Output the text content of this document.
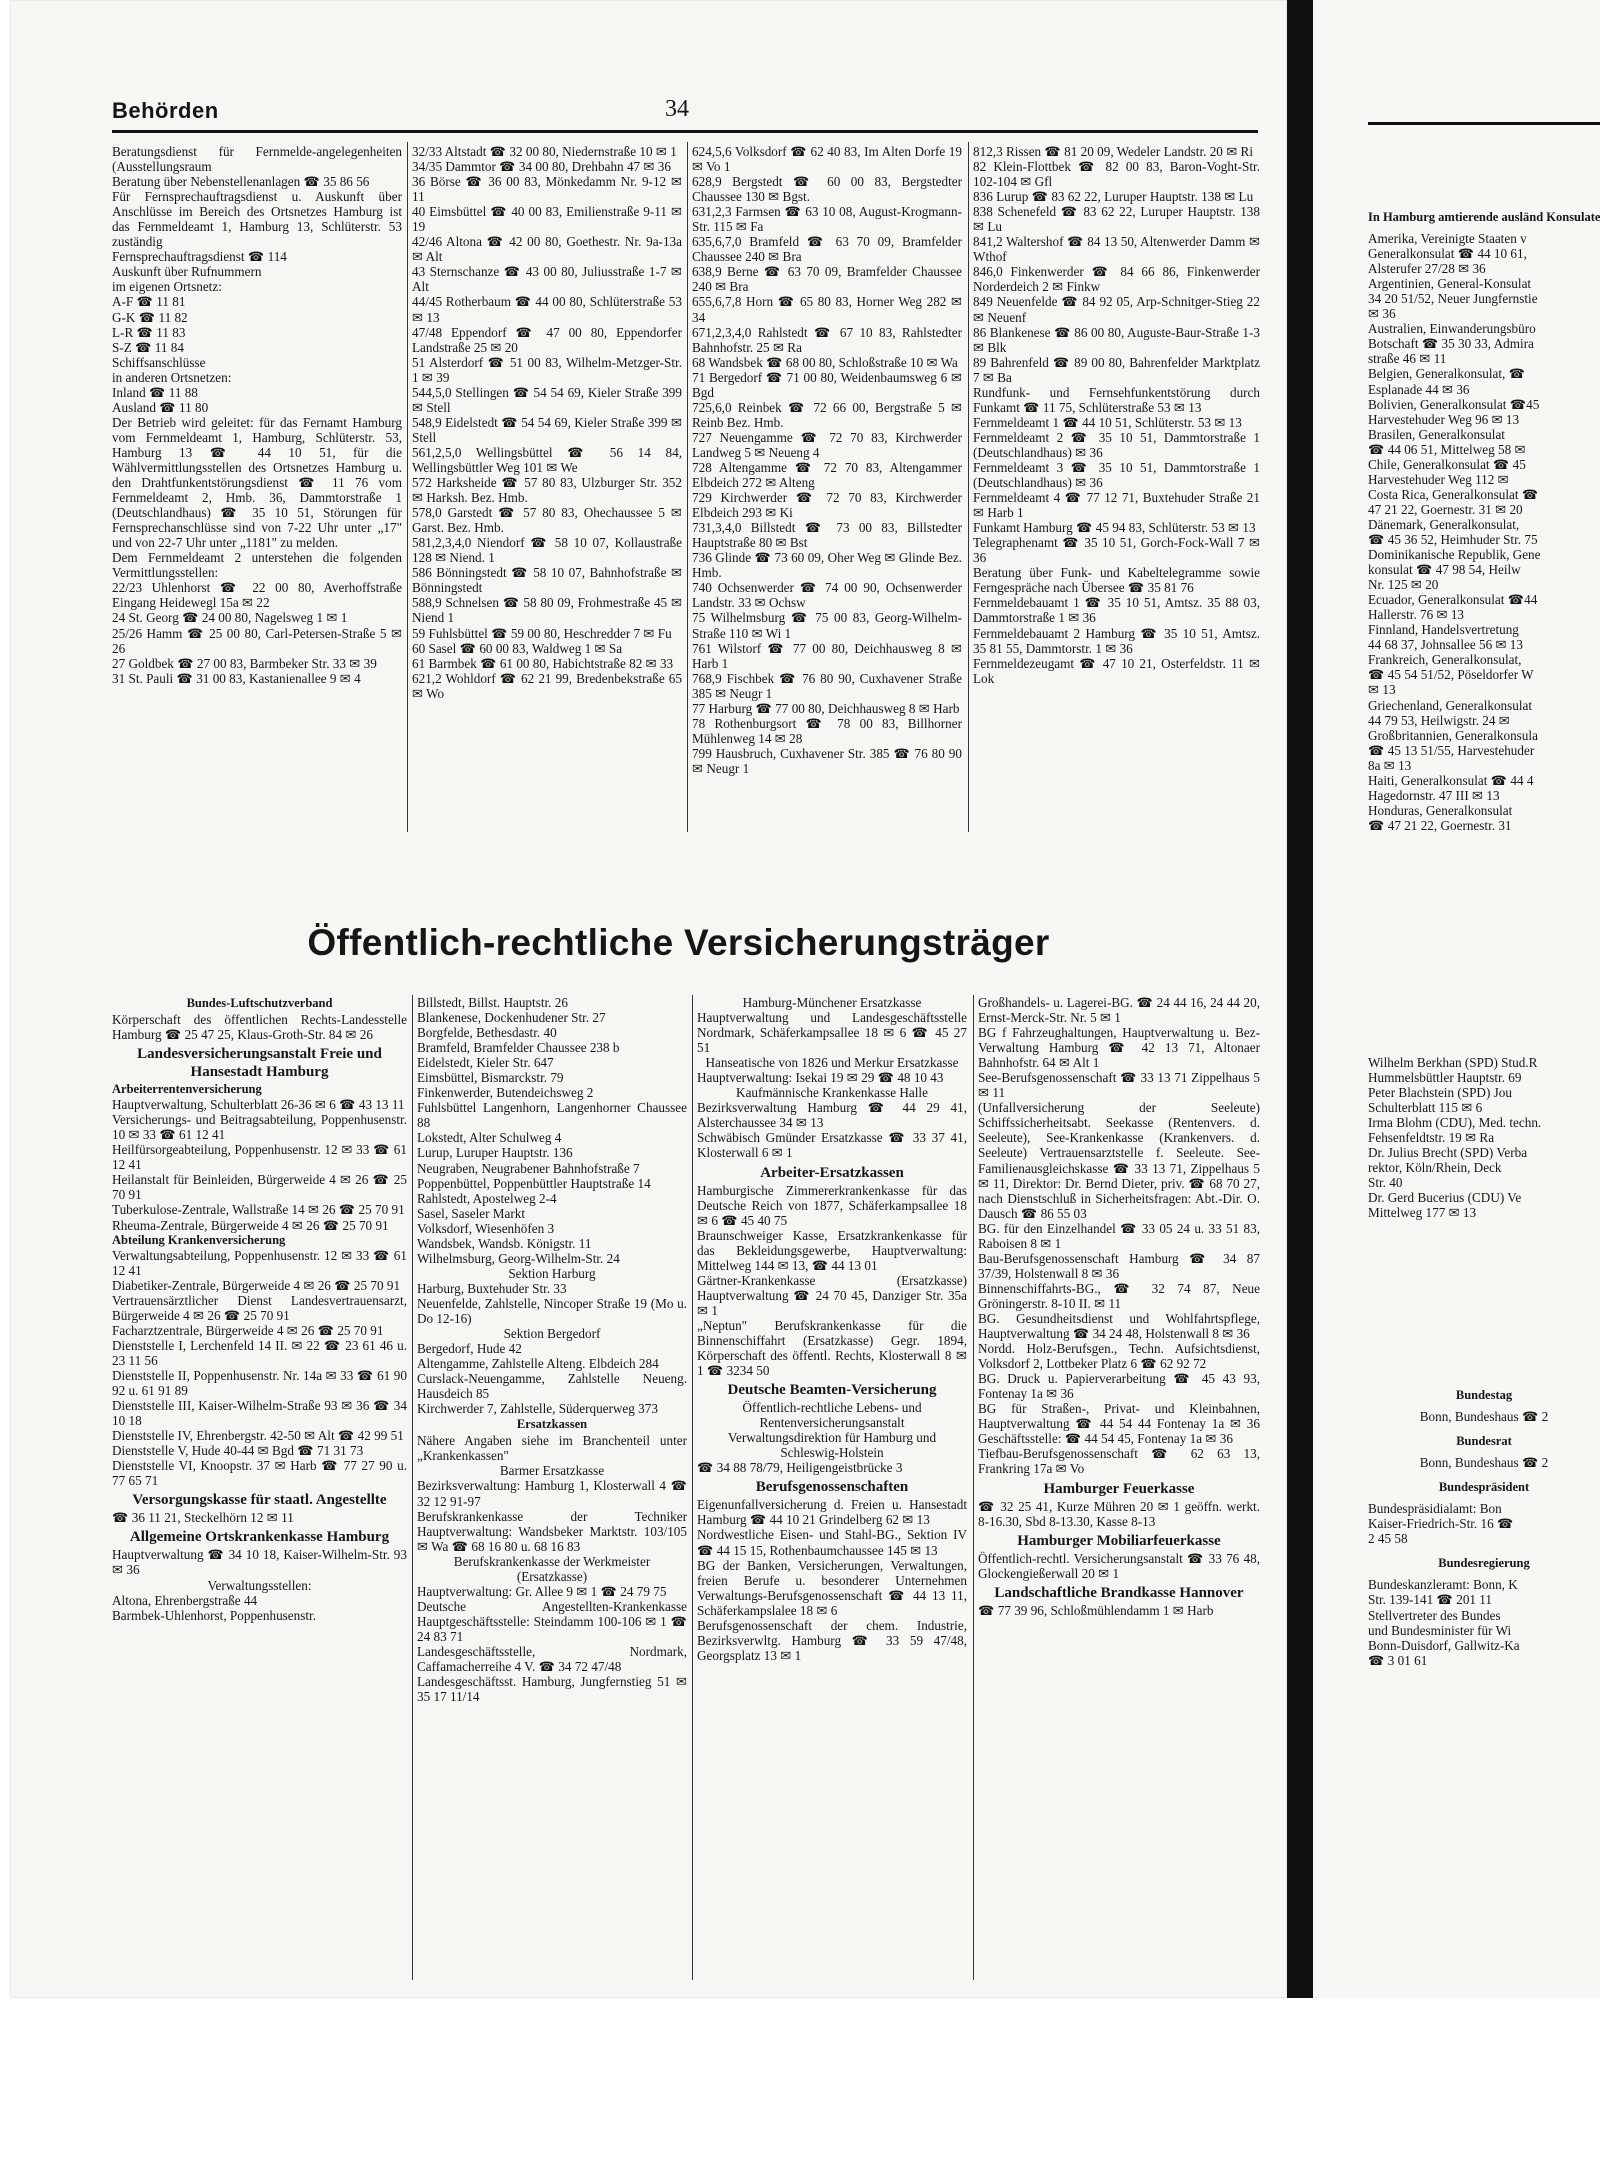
Behörden	34

Beratungsdienst für Fernmelde-angelegenheiten (Ausstellungsraum

Beratung über Nebenstellenanlagen ☎ 35 86 56

Für Fernsprechauftragsdienst u. Auskunft über Anschlüsse im Bereich des Ortsnetzes Hamburg ist das Fernmeldeamt 1, Hamburg 13, Schlüterstr. 53 zuständig

Fernsprechauftragsdienst ☎ 114

Auskunft über Rufnummern

im eigenen Ortsnetz:

A-F ☎ 11 81

G-K ☎ 11 82

L-R ☎ 11 83

S-Z ☎ 11 84

Schiffsanschlüsse

in anderen Ortsnetzen:

Inland ☎ 11 88

Ausland ☎ 11 80

Der Betrieb wird geleitet: für das Fernamt Hamburg vom Fernmeldeamt 1, Hamburg, Schlüterstr. 53, Hamburg 13 ☎ 44 10 51, für die Wählvermittlungsstellen des Ortsnetzes Hamburg u. den Drahtfunkentstörungsdienst ☎ 11 76 vom Fernmeldeamt 2, Hmb. 36, Dammtorstraße 1 (Deutschlandhaus) ☎ 35 10 51, Störungen für Fernsprechanschlüsse sind von 7-22 Uhr unter „17" und von 22-7 Uhr unter „1181" zu melden.

Dem Fernmeldeamt 2 unterstehen die folgenden Vermittlungsstellen:

22/23 Uhlenhorst ☎ 22 00 80, Averhoffstraße Eingang Heidewegl 15a ✉ 22

24 St. Georg ☎ 24 00 80, Nagelsweg 1 ✉ 1

25/26 Hamm ☎ 25 00 80, Carl-Petersen-Straße 5 ✉ 26

27 Goldbek ☎ 27 00 83, Barmbeker Str. 33 ✉ 39

31 St. Pauli ☎ 31 00 83, Kastanienallee 9 ✉ 4

32/33 Altstadt ☎ 32 00 80, Niedernstraße 10 ✉ 1

34/35 Dammtor ☎ 34 00 80, Drehbahn 47 ✉ 36

36 Börse ☎ 36 00 83, Mönkedamm Nr. 9-12 ✉ 11

40 Eimsbüttel ☎ 40 00 83, Emilienstraße 9-11 ✉ 19

42/46 Altona ☎ 42 00 80, Goethestr. Nr. 9a-13a ✉ Alt

43 Sternschanze ☎ 43 00 80, Juliusstraße 1-7 ✉ Alt

44/45 Rotherbaum ☎ 44 00 80, Schlüterstraße 53 ✉ 13

47/48 Eppendorf ☎ 47 00 80, Eppendorfer Landstraße 25 ✉ 20

51 Alsterdorf ☎ 51 00 83, Wilhelm-Metzger-Str. 1 ✉ 39

544,5,0 Stellingen ☎ 54 54 69, Kieler Straße 399 ✉ Stell

548,9 Eidelstedt ☎ 54 54 69, Kieler Straße 399 ✉ Stell

561,2,5,0 Wellingsbüttel ☎ 56 14 84, Wellingsbüttler Weg 101 ✉ We

572 Harksheide ☎ 57 80 83, Ulzburger Str. 352 ✉ Harksh. Bez. Hmb.

578,0 Garstedt ☎ 57 80 83, Ohechaussee 5 ✉ Garst. Bez. Hmb.

581,2,3,4,0 Niendorf ☎ 58 10 07, Kollaustraße 128 ✉ Niend. 1

586 Bönningstedt ☎ 58 10 07, Bahnhofstraße ✉ Bönningstedt

588,9 Schnelsen ☎ 58 80 09, Frohmestraße 45 ✉ Niend 1

59 Fuhlsbüttel ☎ 59 00 80, Heschredder 7 ✉ Fu

60 Sasel ☎ 60 00 83, Waldweg 1 ✉ Sa

61 Barmbek ☎ 61 00 80, Habichtstraße 82 ✉ 33

621,2 Wohldorf ☎ 62 21 99, Bredenbekstraße 65 ✉ Wo

624,5,6 Volksdorf ☎ 62 40 83, Im Alten Dorfe 19 ✉ Vo 1

628,9 Bergstedt ☎ 60 00 83, Bergstedter Chaussee 130 ✉ Bgst.

631,2,3 Farmsen ☎ 63 10 08, August-Krogmann-Str. 115 ✉ Fa

635,6,7,0 Bramfeld ☎ 63 70 09, Bramfelder Chaussee 240 ✉ Bra

638,9 Berne ☎ 63 70 09, Bramfelder Chaussee 240 ✉ Bra

655,6,7,8 Horn ☎ 65 80 83, Horner Weg 282 ✉ 34

671,2,3,4,0 Rahlstedt ☎ 67 10 83, Rahlstedter Bahnhofstr. 25 ✉ Ra

68 Wandsbek ☎ 68 00 80, Schloßstraße 10 ✉ Wa

71 Bergedorf ☎ 71 00 80, Weidenbaumsweg 6 ✉ Bgd

725,6,0 Reinbek ☎ 72 66 00, Bergstraße 5 ✉ Reinb Bez. Hmb.

727 Neuengamme ☎ 72 70 83, Kirchwerder Landweg 5 ✉ Neueng 4

728 Altengamme ☎ 72 70 83, Altengammer Elbdeich 272 ✉ Alteng

729 Kirchwerder ☎ 72 70 83, Kirchwerder Elbdeich 293 ✉ Ki

731,3,4,0 Billstedt ☎ 73 00 83, Billstedter Hauptstraße 80 ✉ Bst

736 Glinde ☎ 73 60 09, Oher Weg ✉ Glinde Bez. Hmb.

740 Ochsenwerder ☎ 74 00 90, Ochsenwerder Landstr. 33 ✉ Ochsw

75 Wilhelmsburg ☎ 75 00 83, Georg-Wilhelm-Straße 110 ✉ Wi 1

761 Wilstorf ☎ 77 00 80, Deichhausweg 8 ✉ Harb 1

768,9 Fischbek ☎ 76 80 90, Cuxhavener Straße 385 ✉ Neugr 1

77 Harburg ☎ 77 00 80, Deichhausweg 8 ✉ Harb

78 Rothenburgsort ☎ 78 00 83, Billhorner Mühlenweg 14 ✉ 28

799 Hausbruch, Cuxhavener Str. 385 ☎ 76 80 90 ✉ Neugr 1

812,3 Rissen ☎ 81 20 09, Wedeler Landstr. 20 ✉ Ri

82 Klein-Flottbek ☎ 82 00 83, Baron-Voght-Str. 102-104 ✉ Gfl

836 Lurup ☎ 83 62 22, Luruper Hauptstr. 138 ✉ Lu

838 Schenefeld ☎ 83 62 22, Luruper Hauptstr. 138 ✉ Lu

841,2 Waltershof ☎ 84 13 50, Altenwerder Damm ✉ Wthof

846,0 Finkenwerder ☎ 84 66 86, Finkenwerder Norderdeich 2 ✉ Finkw

849 Neuenfelde ☎ 84 92 05, Arp-Schnitger-Stieg 22 ✉ Neuenf

86 Blankenese ☎ 86 00 80, Auguste-Baur-Straße 1-3 ✉ Blk

89 Bahrenfeld ☎ 89 00 80, Bahrenfelder Marktplatz 7 ✉ Ba

Rundfunk- und Fernsehfunkentstörung durch Funkamt ☎ 11 75, Schlüterstraße 53 ✉ 13

Fernmeldeamt 1 ☎ 44 10 51, Schlüterstr. 53 ✉ 13

Fernmeldeamt 2 ☎ 35 10 51, Dammtorstraße 1 (Deutschlandhaus) ✉ 36

Fernmeldeamt 3 ☎ 35 10 51, Dammtorstraße 1 (Deutschlandhaus) ✉ 36

Fernmeldeamt 4 ☎ 77 12 71, Buxtehuder Straße 21 ✉ Harb 1

Funkamt Hamburg ☎ 45 94 83, Schlüterstr. 53 ✉ 13

Telegraphenamt ☎ 35 10 51, Gorch-Fock-Wall 7 ✉ 36

Beratung über Funk- und Kabeltelegramme sowie Ferngespräche nach Übersee ☎ 35 81 76

Fernmeldebauamt 1 ☎ 35 10 51, Amtsz. 35 88 03, Dammtorstraße 1 ✉ 36

Fernmeldebauamt 2 Hamburg ☎ 35 10 51, Amtsz. 35 81 55, Dammtorstr. 1 ✉ 36

Fernmeldezeugamt ☎ 47 10 21, Osterfeldstr. 11 ✉ Lok

Öffentlich-rechtliche Versicherungsträger

Bundes-Luftschutzverband

Körperschaft des öffentlichen Rechts-Landesstelle Hamburg ☎ 25 47 25, Klaus-Groth-Str. 84 ✉ 26

Landesversicherungsanstalt Freie und Hansestadt Hamburg

Arbeiterrentenversicherung

Hauptverwaltung, Schulterblatt 26-36 ✉ 6 ☎ 43 13 11

Versicherungs- und Beitragsabteilung, Poppenhusenstr. 10 ✉ 33 ☎ 61 12 41

Heilfürsorgeabteilung, Poppenhusenstr. 12 ✉ 33 ☎ 61 12 41

Heilanstalt für Beinleiden, Bürgerweide 4 ✉ 26 ☎ 25 70 91

Tuberkulose-Zentrale, Wallstraße 14 ✉ 26 ☎ 25 70 91

Rheuma-Zentrale, Bürgerweide 4 ✉ 26 ☎ 25 70 91

Abteilung Krankenversicherung

Verwaltungsabteilung, Poppenhusenstr. 12 ✉ 33 ☎ 61 12 41

Diabetiker-Zentrale, Bürgerweide 4 ✉ 26 ☎ 25 70 91

Vertrauensärztlicher Dienst Landesvertrauensarzt, Bürgerweide 4 ✉ 26 ☎ 25 70 91

Facharztzentrale, Bürgerweide 4 ✉ 26 ☎ 25 70 91

Dienststelle I, Lerchenfeld 14 II. ✉ 22 ☎ 23 61 46 u. 23 11 56

Dienststelle II, Poppenhusenstr. Nr. 14a ✉ 33 ☎ 61 90 92 u. 61 91 89

Dienststelle III, Kaiser-Wilhelm-Straße 93 ✉ 36 ☎ 34 10 18

Dienststelle IV, Ehrenbergstr. 42-50 ✉ Alt ☎ 42 99 51

Dienststelle V, Hude 40-44 ✉ Bgd ☎ 71 31 73

Dienststelle VI, Knoopstr. 37 ✉ Harb ☎ 77 27 90 u. 77 65 71

Versorgungskasse für staatl. Angestellte

☎ 36 11 21, Steckelhörn 12 ✉ 11

Allgemeine Ortskrankenkasse Hamburg

Hauptverwaltung ☎ 34 10 18, Kaiser-Wilhelm-Str. 93 ✉ 36

Verwaltungsstellen:

Altona, Ehrenbergstraße 44

Barmbek-Uhlenhorst, Poppenhusenstr.

Billstedt, Billst. Hauptstr. 26

Blankenese, Dockenhudener Str. 27

Borgfelde, Bethesdastr. 40

Bramfeld, Bramfelder Chaussee 238 b

Eidelstedt, Kieler Str. 647

Eimsbüttel, Bismarckstr. 79

Finkenwerder, Butendeichsweg 2

Fuhlsbüttel Langenhorn, Langenhorner Chaussee 88

Lokstedt, Alter Schulweg 4

Lurup, Luruper Hauptstr. 136

Neugraben, Neugrabener Bahnhofstraße 7

Poppenbüttel, Poppenbüttler Hauptstraße 14

Rahlstedt, Apostelweg 2-4

Sasel, Saseler Markt

Volksdorf, Wiesenhöfen 3

Wandsbek, Wandsb. Königstr. 11

Wilhelmsburg, Georg-Wilhelm-Str. 24

Sektion Harburg

Harburg, Buxtehuder Str. 33

Neuenfelde, Zahlstelle, Nincoper Straße 19 (Mo u. Do 12-16)

Sektion Bergedorf

Bergedorf, Hude 42

Altengamme, Zahlstelle Alteng. Elbdeich 284

Curslack-Neuengamme, Zahlstelle Neueng. Hausdeich 85

Kirchwerder 7, Zahlstelle, Süderquerweg 373

Ersatzkassen

Nähere Angaben siehe im Branchenteil unter „Krankenkassen"

Barmer Ersatzkasse

Bezirksverwaltung: Hamburg 1, Klosterwall 4 ☎ 32 12 91-97

Berufskrankenkasse der Techniker Hauptverwaltung: Wandsbeker Marktstr. 103/105 ✉ Wa ☎ 68 16 80 u. 68 16 83

Berufskrankenkasse der Werkmeister (Ersatzkasse)

Hauptverwaltung: Gr. Allee 9 ✉ 1 ☎ 24 79 75

Deutsche Angestellten-Krankenkasse Hauptgeschäftsstelle: Steindamm 100-106 ✉ 1 ☎ 24 83 71

Landesgeschäftsstelle, Nordmark, Caffamacherreihe 4 V. ☎ 34 72 47/48

Landesgeschäftsst. Hamburg, Jungfernstieg 51 ✉ 35 17 11/14

Hamburg-Münchener Ersatzkasse

Hauptverwaltung und Landesgeschäftsstelle Nordmark, Schäferkampsallee 18 ✉ 6 ☎ 45 27 51

Hanseatische von 1826 und Merkur Ersatzkasse

Hauptverwaltung: Isekai 19 ✉ 29 ☎ 48 10 43

Kaufmännische Krankenkasse Halle

Bezirksverwaltung Hamburg ☎ 44 29 41, Alsterchaussee 34 ✉ 13

Schwäbisch Gmünder Ersatzkasse ☎ 33 37 41, Klosterwall 6 ✉ 1

Arbeiter-Ersatzkassen

Hamburgische Zimmererkrankenkasse für das Deutsche Reich von 1877, Schäferkampsallee 18 ✉ 6 ☎ 45 40 75

Braunschweiger Kasse, Ersatzkrankenkasse für das Bekleidungsgewerbe, Hauptverwaltung: Mittelweg 144 ✉ 13, ☎ 44 13 01

Gärtner-Krankenkasse (Ersatzkasse) Hauptverwaltung ☎ 24 70 45, Danziger Str. 35a ✉ 1

„Neptun" Berufskrankenkasse für die Binnenschiffahrt (Ersatzkasse) Gegr. 1894, Körperschaft des öffentl. Rechts, Klosterwall 8 ✉ 1 ☎ 3234 50

Deutsche Beamten-Versicherung

Öffentlich-rechtliche Lebens- und Rentenversicherungsanstalt

Verwaltungsdirektion für Hamburg und Schleswig-Holstein

☎ 34 88 78/79, Heiligengeistbrücke 3

Berufsgenossenschaften

Eigenunfallversicherung d. Freien u. Hansestadt Hamburg ☎ 44 10 21 Grindelberg 62 ✉ 13

Nordwestliche Eisen- und Stahl-BG., Sektion IV ☎ 44 15 15, Rothenbaumchaussee 145 ✉ 13

BG der Banken, Versicherungen, Verwaltungen, freien Berufe u. besonderer Unternehmen Verwaltungs-Berufsgenossenschaft ☎ 44 13 11, Schäferkampslalee 18 ✉ 6

Berufsgenossenschaft der chem. Industrie, Bezirksverwltg. Hamburg ☎ 33 59 47/48, Georgsplatz 13 ✉ 1

Großhandels- u. Lagerei-BG. ☎ 24 44 16, 24 44 20, Ernst-Merck-Str. Nr. 5 ✉ 1

BG f Fahrzeughaltungen, Hauptverwaltung u. Bez-Verwaltung Hamburg ☎ 42 13 71, Altonaer Bahnhofstr. 64 ✉ Alt 1

See-Berufsgenossenschaft ☎ 33 13 71 Zippelhaus 5 ✉ 11

(Unfallversicherung der Seeleute) Schiffssicherheitsabt. Seekasse (Rentenvers. d. Seeleute), See-Krankenkasse (Krankenvers. d. Seeleute) Vertrauensarztstelle f. Seeleute. See-Familienausgleichskasse ☎ 33 13 71, Zippelhaus 5 ✉ 11, Direktor: Dr. Bernd Dieter, priv. ☎ 68 70 27, nach Dienstschluß in Sicherheitsfragen: Abt.-Dir. O. Dausch ☎ 86 55 03

BG. für den Einzelhandel ☎ 33 05 24 u. 33 51 83, Raboisen 8 ✉ 1

Bau-Berufsgenossenschaft Hamburg ☎ 34 87 37/39, Holstenwall 8 ✉ 36

Binnenschiffahrts-BG., ☎ 32 74 87, Neue Gröningerstr. 8-10 II. ✉ 11

BG. Gesundheitsdienst und Wohlfahrtspflege, Hauptverwaltung ☎ 34 24 48, Holstenwall 8 ✉ 36

Nordd. Holz-Berufsgen., Techn. Aufsichtsdienst, Volksdorf 2, Lottbeker Platz 6 ☎ 62 92 72

BG. Druck u. Papierverarbeitung ☎ 45 43 93, Fontenay 1a ✉ 36

BG für Straßen-, Privat- und Kleinbahnen, Hauptverwaltung ☎ 44 54 44 Fontenay 1a ✉ 36 Geschäftsstelle: ☎ 44 54 45, Fontenay 1a ✉ 36

Tiefbau-Berufsgenossenschaft ☎ 62 63 13, Frankring 17a ✉ Vo

Hamburger Feuerkasse

☎ 32 25 41, Kurze Mühren 20 ✉ 1 geöffn. werkt. 8-16.30, Sbd 8-13.30, Kasse 8-13

Hamburger Mobiliarfeuerkasse

Öffentlich-rechtl. Versicherungsanstalt ☎ 33 76 48, Glockengießerwall 20 ✉ 1

Landschaftliche Brandkasse Hannover

☎ 77 39 96, Schloßmühlendamm 1 ✉ Harb

In Hamburg amtierende ausländ Konsulate

Amerika, Vereinigte Staaten v

Generalkonsulat ☎ 44 10 61,

Alsterufer 27/28 ✉ 36

Argentinien, General-Konsulat

34 20 51/52, Neuer Jungfernstie

✉ 36

Australien, Einwanderungsbüro

Botschaft ☎ 35 30 33, Admira

straße 46 ✉ 11

Belgien, Generalkonsulat, ☎

Esplanade 44 ✉ 36

Bolivien, Generalkonsulat ☎45

Harvestehuder Weg 96 ✉ 13

Brasilen, Generalkonsulat

☎ 44 06 51, Mittelweg 58 ✉

Chile, Generalkonsulat ☎ 45

Harvestehuder Weg 112 ✉

Costa Rica, Generalkonsulat ☎

47 21 22, Goernestr. 31 ✉ 20

Dänemark, Generalkonsulat,

☎ 45 36 52, Heimhuder Str. 75

Dominikanische Republik, Gene

konsulat ☎ 47 98 54, Heilw

Nr. 125 ✉ 20

Ecuador, Generalkonsulat ☎44

Hallerstr. 76 ✉ 13

Finnland, Handelsvertretung

44 68 37, Johnsallee 56 ✉ 13

Frankreich, Generalkonsulat,

☎ 45 54 51/52, Pöseldorfer W

✉ 13

Griechenland, Generalkonsulat

44 79 53, Heilwigstr. 24 ✉

Großbritannien, Generalkonsula

☎ 45 13 51/55, Harvestehuder

8a ✉ 13

Haiti, Generalkonsulat ☎ 44 4

Hagedornstr. 47 III ✉ 13

Honduras, Generalkonsulat

☎ 47 21 22, Goernestr. 31

Wilhelm Berkhan (SPD) Stud.R

Hummelsbüttler Hauptstr. 69

Peter Blachstein (SPD) Jou

Schulterblatt 115 ✉ 6

Irma Blohm (CDU), Med. techn.

Fehsenfeldtstr. 19 ✉ Ra

Dr. Julius Brecht (SPD) Verba

rektor, Köln/Rhein, Deck

Str. 40

Dr. Gerd Bucerius (CDU) Ve

Mittelweg 177 ✉ 13

Bundestag

Bonn, Bundeshaus ☎ 2

Bundesrat

Bonn, Bundeshaus ☎ 2

Bundespräsident

Bundespräsidialamt: Bon

Kaiser-Friedrich-Str. 16 ☎

2 45 58

Bundesregierung

Bundeskanzleramt: Bonn, K

Str. 139-141 ☎ 201 11

Stellvertreter des Bundes

und Bundesminister für Wi

Bonn-Duisdorf, Gallwitz-Ka

☎ 3 01 61
